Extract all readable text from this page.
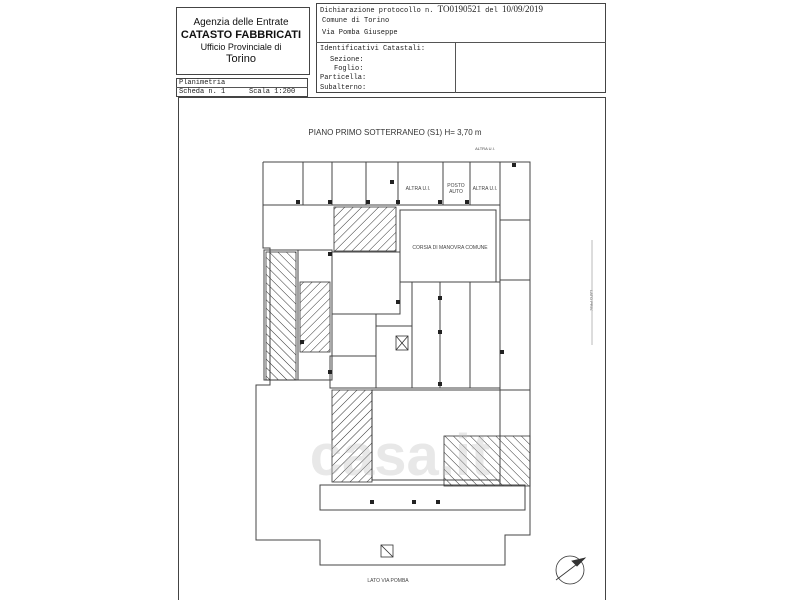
Agenzia delle Entrate
CATASTO FABBRICATI
Ufficio Provinciale di
Torino
Dichiarazione protocollo n. TO0190521 del 10/09/2019
Comune di Torino
Via Pomba Giuseppe
Identificativi Catastali:
Sezione:
Foglio:
Particella:
Subalterno:
Planimetria
Scheda n. 1	Scala 1:200
PIANO PRIMO SOTTERRANEO (S1) H= 3,70 m
ALTRA U.I.
ALTRA U.I.	POSTO
AUTO ALTRA U.I.
CORSIA DI MANOVRA COMUNE
LATO VIA POMBA
LATO PRIV.
casa.it
